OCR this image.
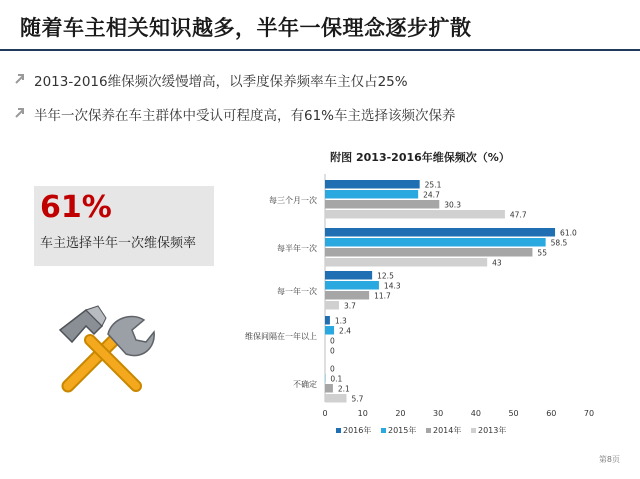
随着车主相关知识越多，半年一保理念逐步扩散
2013-2016维保频次缓慢增高，以季度保养频率车主仅占25%
半年一次保养在车主群体中受认可程度高，有61%车主选择该频次保养
61%
车主选择半年一次维保频率
附图 2013-2016年维保频次（%）
每三个月一次
25.1
24.7
30.3
47.7
每半年一次
61.0
58.5
55
43
每一年一次
12.5
14.3
11.7
3.7
维保间隔在一年以上
1.3
2.4
0
0
不确定
0
0.1
2.1
5.7
0	10	20	30	40	50	60	70
2016年 2015年 2014年 2013年
第8页
